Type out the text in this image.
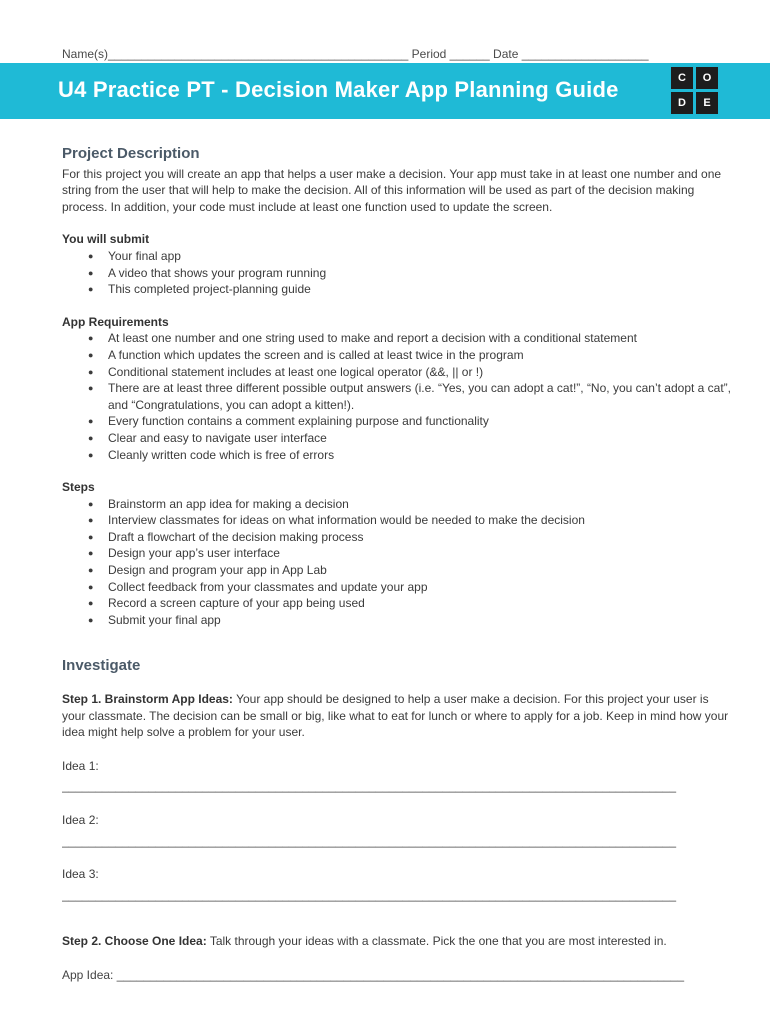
Name(s)_____________________________________________ Period ______ Date ___________________
U4 Practice PT - Decision Maker App Planning Guide	C	O
D	E
Project Description

For this project you will create an app that helps a user make a decision. Your app must take in at least one number and one string from the user that will help to make the decision. All of this information will be used as part of the decision making process. In addition, your code must include at least one function used to update the screen.

You will submit

● Your final app
● A video that shows your program running
● This completed project-planning guide

App Requirements

● At least one number and one string used to make and report a decision with a conditional statement
● A function which updates the screen and is called at least twice in the program
● Conditional statement includes at least one logical operator (&&, || or !)
● There are at least three different possible output answers (i.e. “Yes, you can adopt a cat!”, “No, you can’t adopt a cat”, and “Congratulations, you can adopt a kitten!).
● Every function contains a comment explaining purpose and functionality
● Clear and easy to navigate user interface
● Cleanly written code which is free of errors

Steps

● Brainstorm an app idea for making a decision
● Interview classmates for ideas on what information would be needed to make the decision
● Draft a flowchart of the decision making process
● Design your app’s user interface
● Design and program your app in App Lab
● Collect feedback from your classmates and update your app
● Record a screen capture of your app being used
● Submit your final app
Investigate

Step 1. Brainstorm App Ideas: Your app should be designed to help a user make a decision. For this project your user is your classmate. The decision can be small or big, like what to eat for lunch or where to apply for a job. Keep in mind how your idea might help solve a problem for your user.

Idea 1:

____________________________________________________________________________________________

Idea 2:

____________________________________________________________________________________________

Idea 3:

____________________________________________________________________________________________

Step 2. Choose One Idea: Talk through your ideas with a classmate. Pick the one that you are most interested in.

App Idea: _____________________________________________________________________________________
